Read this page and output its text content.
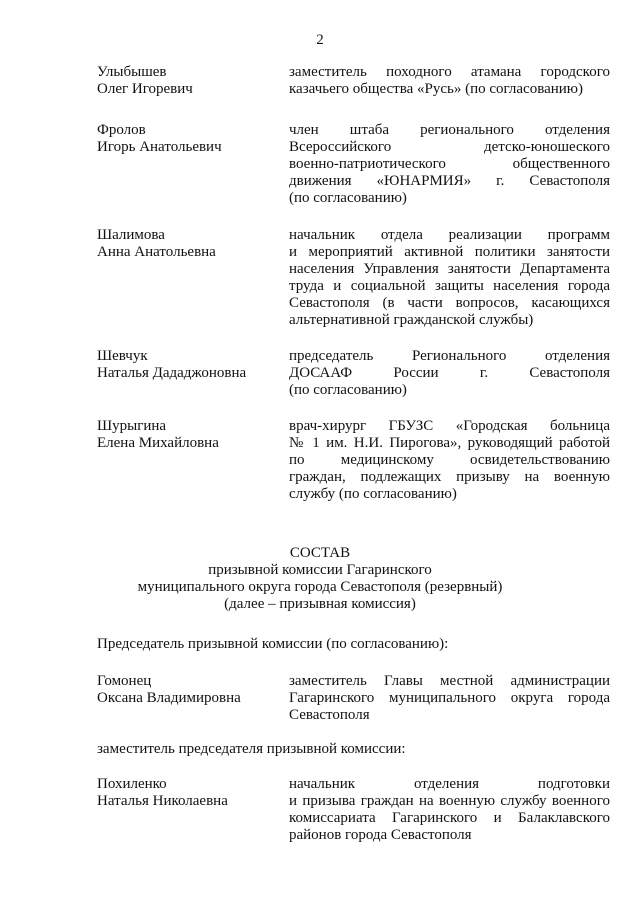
2
Улыбышев
Олег Игоревич
заместитель походного атамана городского
казачьего общества «Русь» (по согласованию)
Фролов
Игорь Анатольевич
член штаба регионального отделения
Всероссийского детско-юношеского
военно-патриотического общественного
движения «ЮНАРМИЯ» г. Севастополя
(по согласованию)
Шалимова
Анна Анатольевна
начальник отдела реализации программ
и мероприятий активной политики занятости
населения Управления занятости Департамента
труда и социальной защиты населения города
Севастополя (в части вопросов, касающихся
альтернативной гражданской службы)
Шевчук
Наталья Дададжоновна
председатель Регионального отделения
ДОСААФ России г. Севастополя
(по согласованию)
Шурыгина
Елена Михайловна
врач-хирург ГБУЗС «Городская больница
№ 1 им. Н.И. Пирогова», руководящий работой
по медицинскому освидетельствованию
граждан, подлежащих призыву на военную
службу (по согласованию)
СОСТАВ
призывной комиссии Гагаринского
муниципального округа города Севастополя (резервный)
(далее – призывная комиссия)
Председатель призывной комиссии (по согласованию):
Гомонец
Оксана Владимировна
заместитель Главы местной администрации
Гагаринского муниципального округа города
Севастополя
заместитель председателя призывной комиссии:
Похиленко
Наталья Николаевна
начальник отделения подготовки
и призыва граждан на военную службу военного
комиссариата Гагаринского и Балаклавского
районов города Севастополя
